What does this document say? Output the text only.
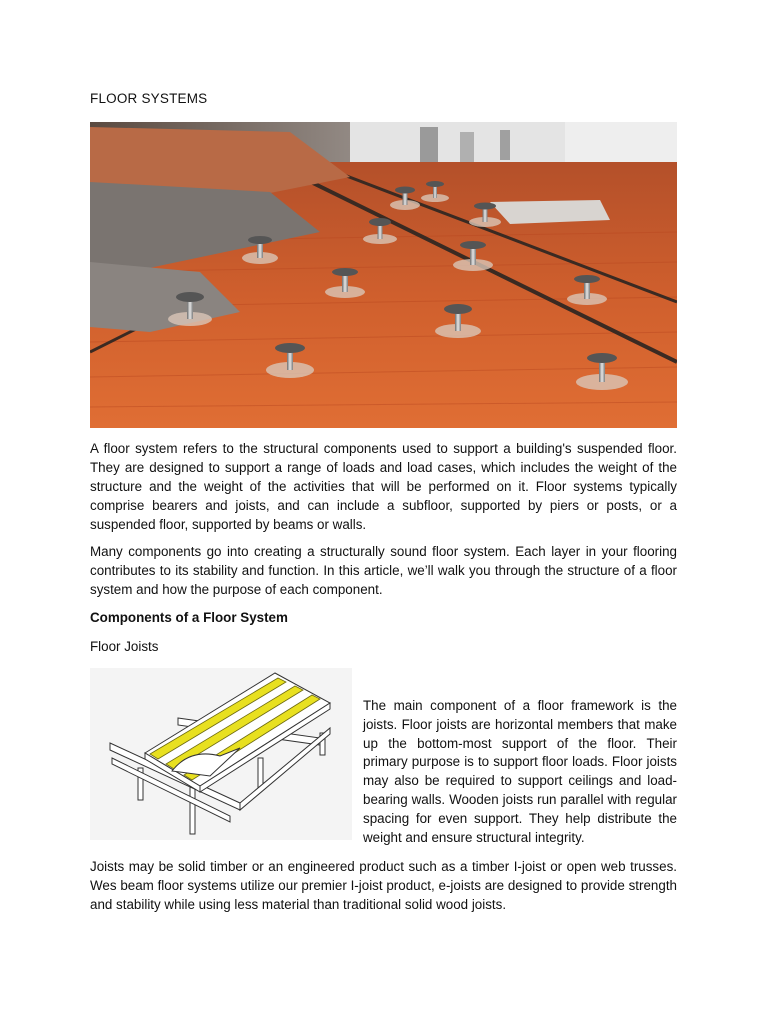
FLOOR SYSTEMS

A floor system refers to the structural components used to support a building's suspended floor. They are designed to support a range of loads and load cases, which includes the weight of the structure and the weight of the activities that will be performed on it. Floor systems typically comprise bearers and joists, and can include a subfloor, supported by piers or posts, or a suspended floor, supported by beams or walls.

Many components go into creating a structurally sound floor system. Each layer in your flooring contributes to its stability and function. In this article, we’ll walk you through the structure of a floor system and how the purpose of each component.

Components of a Floor System
Floor Joists

The main component of a floor framework is the joists. Floor joists are horizontal members that make up the bottom-most support of the floor. Their primary purpose is to support floor loads. Floor joists may also be required to support ceilings and load-bearing walls. Wooden joists run parallel with regular spacing for even support. They help distribute the weight and ensure structural integrity.

Joists may be solid timber or an engineered product such as a timber I-joist or open web trusses. Wes beam floor systems utilize our premier I-joist product, e-joists are designed to provide strength and stability while using less material than traditional solid wood joists.
